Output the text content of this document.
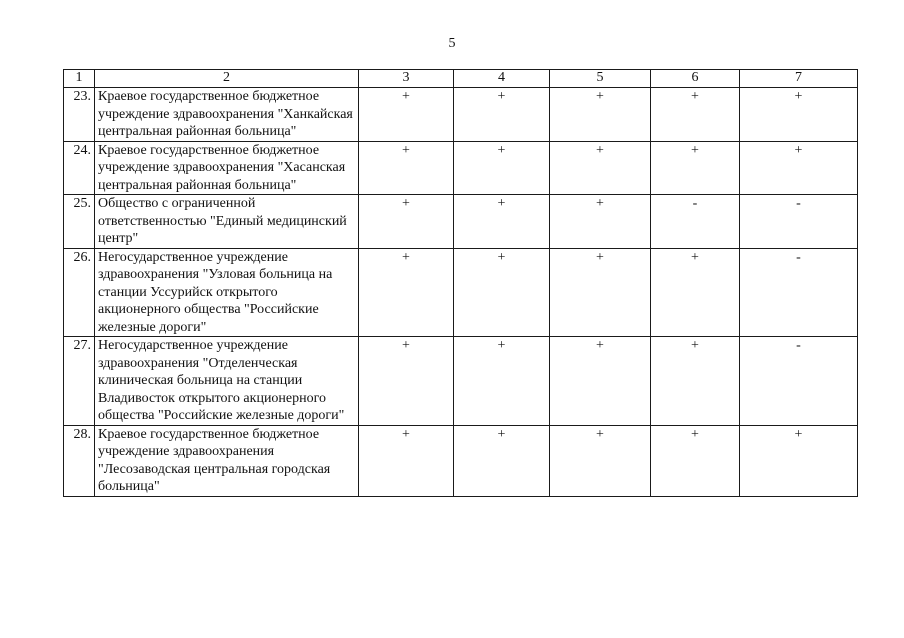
5
1	2	3	4	5	6	7
23.	Краевое государственное бюджетное учреждение здравоохранения "Ханкайская центральная районная больница"	+	+	+	+	+
24.	Краевое государственное бюджетное учреждение здравоохранения "Хасанская центральная районная больница"	+	+	+	+	+
25.	Общество с ограниченной ответственностью "Единый медицинский центр"	+	+	+	-	-
26.	Негосударственное учреждение здравоохранения "Узловая больница на станции Уссурийск открытого акционерного общества "Российские железные дороги"	+	+	+	+	-
27.	Негосударственное учреждение здравоохранения "Отделенческая клиническая больница на станции Владивосток открытого акционерного общества "Российские железные дороги"	+	+	+	+	-
28.	Краевое государственное бюджетное учреждение здравоохранения "Лесозаводская центральная городская больница"	+	+	+	+	+
